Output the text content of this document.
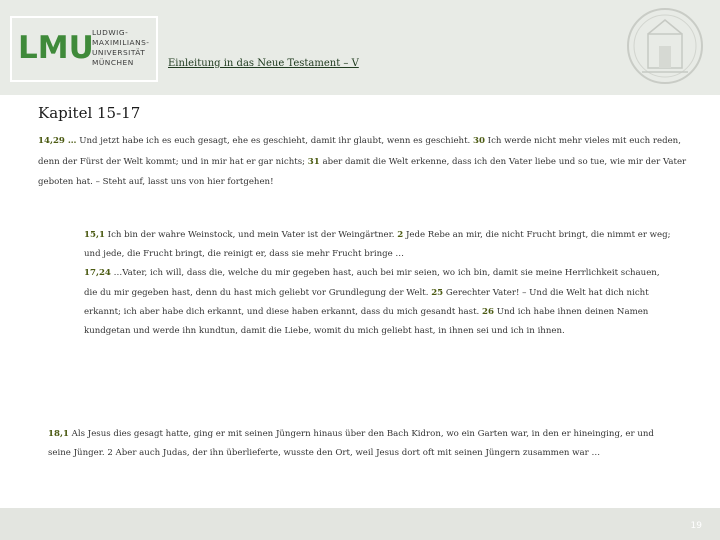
LMU
LUDWIG-
MAXIMILIANS-
UNIVERSITÄT
MÜNCHEN	Einleitung in das Neue Testament – V
Kapitel 15-17
14,29 … Und jetzt habe ich es euch gesagt, ehe es geschieht, damit ihr glaubt, wenn es geschieht. 30 Ich werde nicht mehr vieles mit euch reden, denn der Fürst der Welt kommt; und in mir hat er gar nichts; 31 aber damit die Welt erkenne, dass ich den Vater liebe und so tue, wie mir der Vater geboten hat. – Steht auf, lasst uns von hier fortgehen!
15,1 Ich bin der wahre Weinstock, und mein Vater ist der Weingärtner. 2 Jede Rebe an mir, die nicht Frucht bringt, die nimmt er weg; und jede, die Frucht bringt, die reinigt er, dass sie mehr Frucht bringe …
17,24 …Vater, ich will, dass die, welche du mir gegeben hast, auch bei mir seien, wo ich bin, damit sie meine Herrlichkeit schauen, die du mir gegeben hast, denn du hast mich geliebt vor Grundlegung der Welt. 25 Gerechter Vater! – Und die Welt hat dich nicht erkannt; ich aber habe dich erkannt, und diese haben erkannt, dass du mich gesandt hast. 26 Und ich habe ihnen deinen Namen kundgetan und werde ihn kundtun, damit die Liebe, womit du mich geliebt hast, in ihnen sei und ich in ihnen.
18,1 Als Jesus dies gesagt hatte, ging er mit seinen Jüngern hinaus über den Bach Kidron, wo ein Garten war, in den er hineinging, er und seine Jünger. 2 Aber auch Judas, der ihn überlieferte, wusste den Ort, weil Jesus dort oft mit seinen Jüngern zusammen war …
19
